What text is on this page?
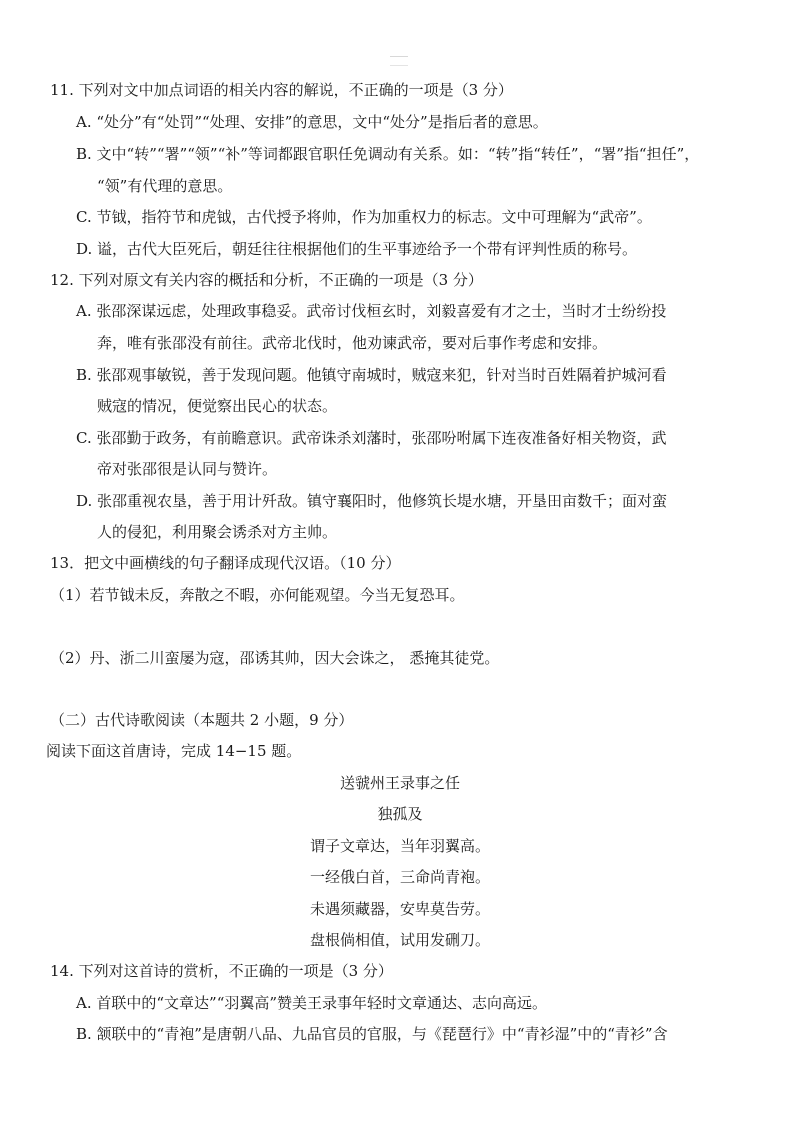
11. 下列对文中加点词语的相关内容的解说，不正确的一项是（3 分）
A. “处分”有“处罚”“处理、安排”的意思，文中“处分”是指后者的意思。
B. 文中“转”“署”“领”“补”等词都跟官职任免调动有关系。如：“转”指“转任”，“署”指“担任”，
“领”有代理的意思。
C. 节钺，指符节和虎钺，古代授予将帅，作为加重权力的标志。文中可理解为“武帝”。
D. 谥，古代大臣死后，朝廷往往根据他们的生平事迹给予一个带有评判性质的称号。
12. 下列对原文有关内容的概括和分析，不正确的一项是（3 分）
A. 张邵深谋远虑，处理政事稳妥。武帝讨伐桓玄时，刘毅喜爱有才之士，当时才士纷纷投
奔，唯有张邵没有前往。武帝北伐时，他劝谏武帝，要对后事作考虑和安排。
B. 张邵观事敏锐，善于发现问题。他镇守南城时，贼寇来犯，针对当时百姓隔着护城河看
贼寇的情况，便觉察出民心的状态。
C. 张邵勤于政务，有前瞻意识。武帝诛杀刘藩时，张邵吩咐属下连夜准备好相关物资，武
帝对张邵很是认同与赞许。
D. 张邵重视农垦，善于用计歼敌。镇守襄阳时，他修筑长堤水塘，开垦田亩数千；面对蛮
人的侵犯，利用聚会诱杀对方主帅。
13．把文中画横线的句子翻译成现代汉语。（10 分）
（1）若节钺未反，奔散之不暇，亦何能观望。今当无复恐耳。
（2）丹、浙二川蛮屡为寇，邵诱其帅，因大会诛之， 悉掩其徒党。
（二）古代诗歌阅读（本题共 2 小题，9 分）
阅读下面这首唐诗，完成 14−15 题。
送虢州王录事之任
独孤及
谓子文章达，当年羽翼高。
一经俄白首，三命尚青袍。
未遇须藏器，安卑莫告劳。
盘根倘相值，试用发硎刀。
14. 下列对这首诗的赏析，不正确的一项是（3 分）
A. 首联中的“文章达”“羽翼高”赞美王录事年轻时文章通达、志向高远。
B. 颔联中的“青袍”是唐朝八品、九品官员的官服，与《琵琶行》中“青衫湿”中的“青衫”含
